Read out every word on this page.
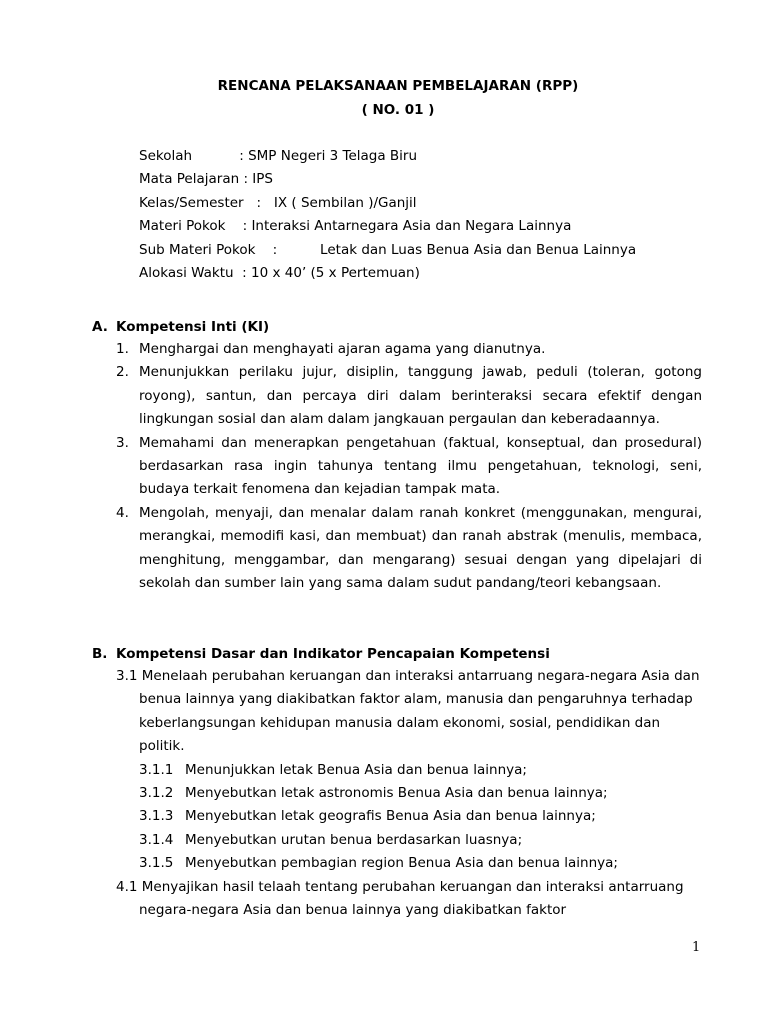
RENCANA PELAKSANAAN PEMBELAJARAN (RPP)
( NO. 01 )
Sekolah           : SMP Negeri 3 Telaga Biru
Mata Pelajaran : IPS
Kelas/Semester   :   IX ( Sembilan )/Ganjil
Materi Pokok    : Interaksi Antarnegara Asia dan Negara Lainnya
Sub Materi Pokok    :          Letak dan Luas Benua Asia dan Benua Lainnya
Alokasi Waktu  : 10 x 40’ (5 x Pertemuan)
A. Kompetensi Inti (KI)
1. Menghargai dan menghayati ajaran agama yang dianutnya.
2. Menunjukkan perilaku jujur, disiplin, tanggung jawab, peduli (toleran, gotong royong), santun, dan percaya diri dalam berinteraksi secara efektif dengan lingkungan sosial dan alam dalam jangkauan pergaulan dan keberadaannya.
3. Memahami dan menerapkan pengetahuan (faktual, konseptual, dan prosedural) berdasarkan rasa ingin tahunya tentang ilmu pengetahuan, teknologi, seni, budaya terkait fenomena dan kejadian tampak mata.
4. Mengolah, menyaji, dan menalar dalam ranah konkret (menggunakan, mengurai, merangkai, memodifi kasi, dan membuat) dan ranah abstrak (menulis, membaca, menghitung, menggambar, dan mengarang) sesuai dengan yang dipelajari di sekolah dan sumber lain yang sama dalam sudut pandang/teori kebangsaan.
B. Kompetensi Dasar dan Indikator Pencapaian Kompetensi
3.1 Menelaah perubahan keruangan dan interaksi antarruang negara-negara Asia dan benua lainnya yang diakibatkan faktor alam, manusia dan pengaruhnya terhadap keberlangsungan kehidupan manusia dalam ekonomi, sosial, pendidikan dan politik.
3.1.1 Menunjukkan letak Benua Asia dan benua lainnya;
3.1.2 Menyebutkan letak astronomis Benua Asia dan benua lainnya;
3.1.3 Menyebutkan letak geografis Benua Asia dan benua lainnya;
3.1.4 Menyebutkan urutan benua berdasarkan luasnya;
3.1.5 Menyebutkan pembagian region Benua Asia dan benua lainnya;
4.1 Menyajikan hasil telaah tentang perubahan keruangan dan interaksi antarruang negara-negara Asia dan benua lainnya yang diakibatkan faktor
1
